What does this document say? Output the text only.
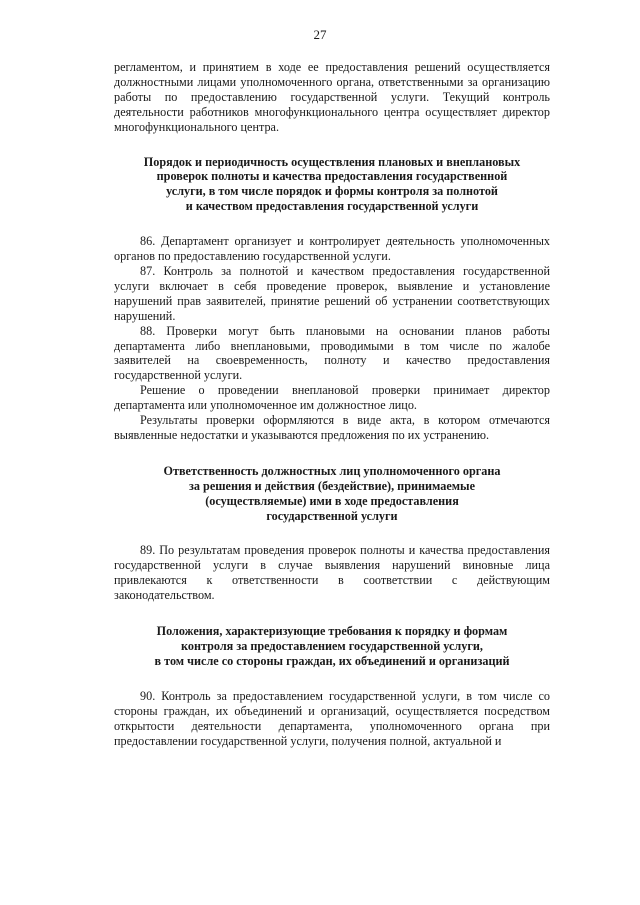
27

регламентом, и принятием в ходе ее предоставления решений осуществляется должностными лицами уполномоченного органа, ответственными за организацию работы по предоставлению государственной услуги. Текущий контроль деятельности работников многофункционального центра осуществляет директор многофункционального центра.

Порядок и периодичность осуществления плановых и внеплановых
проверок полноты и качества предоставления государственной
услуги, в том числе порядок и формы контроля за полнотой
и качеством предоставления государственной услуги

86. Департамент организует и контролирует деятельность уполномоченных органов по предоставлению государственной услуги.

87. Контроль за полнотой и качеством предоставления государственной услуги включает в себя проведение проверок, выявление и установление нарушений прав заявителей, принятие решений об устранении соответствующих нарушений.

88. Проверки могут быть плановыми на основании планов работы департамента либо внеплановыми, проводимыми в том числе по жалобе заявителей на своевременность, полноту и качество предоставления государственной услуги.

Решение о проведении внеплановой проверки принимает директор департамента или уполномоченное им должностное лицо.

Результаты проверки оформляются в виде акта, в котором отмечаются выявленные недостатки и указываются предложения по их устранению.

Ответственность должностных лиц уполномоченного органа
за решения и действия (бездействие), принимаемые
(осуществляемые) ими в ходе предоставления
государственной услуги

89. По результатам проведения проверок полноты и качества предоставления государственной услуги в случае выявления нарушений виновные лица привлекаются к ответственности в соответствии с действующим законодательством.

Положения, характеризующие требования к порядку и формам
контроля за предоставлением государственной услуги,
в том числе со стороны граждан, их объединений и организаций

90. Контроль за предоставлением государственной услуги, в том числе со стороны граждан, их объединений и организаций, осуществляется посредством открытости деятельности департамента, уполномоченного органа при предоставлении государственной услуги, получения полной, актуальной и
